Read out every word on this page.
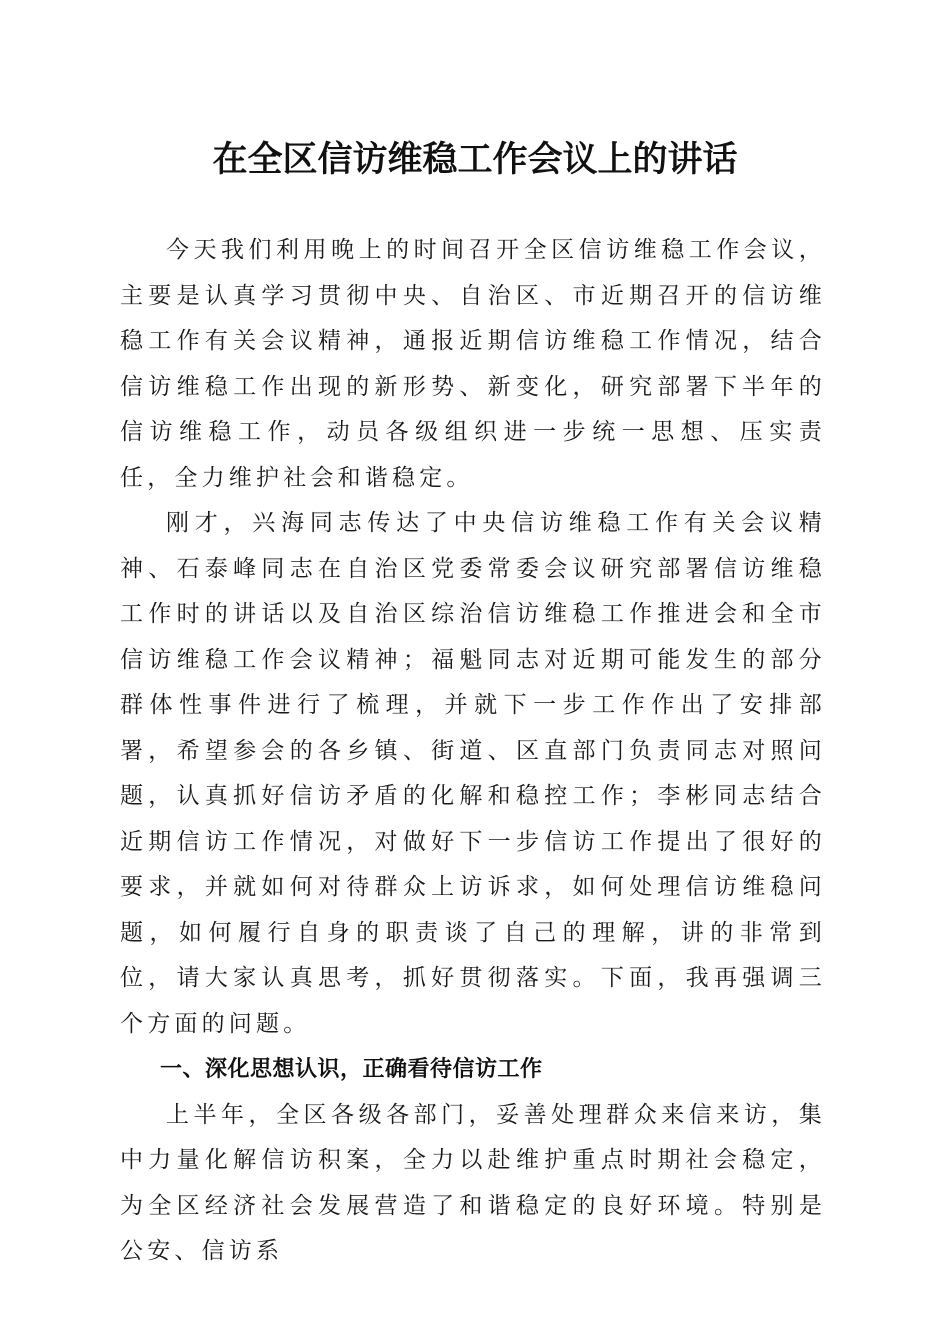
在全区信访维稳工作会议上的讲话

今天我们利用晚上的时间召开全区信访维稳工作会议，主要是认真学习贯彻中央、自治区、市近期召开的信访维稳工作有关会议精神，通报近期信访维稳工作情况，结合信访维稳工作出现的新形势、新变化，研究部署下半年的信访维稳工作，动员各级组织进一步统一思想、压实责任，全力维护社会和谐稳定。

刚才，兴海同志传达了中央信访维稳工作有关会议精神、石泰峰同志在自治区党委常委会议研究部署信访维稳工作时的讲话以及自治区综治信访维稳工作推进会和全市信访维稳工作会议精神；福魁同志对近期可能发生的部分群体性事件进行了梳理，并就下一步工作作出了安排部署，希望参会的各乡镇、街道、区直部门负责同志对照问题，认真抓好信访矛盾的化解和稳控工作；李彬同志结合近期信访工作情况，对做好下一步信访工作提出了很好的要求，并就如何对待群众上访诉求，如何处理信访维稳问题，如何履行自身的职责谈了自己的理解，讲的非常到位，请大家认真思考，抓好贯彻落实。下面，我再强调三个方面的问题。

一、深化思想认识，正确看待信访工作

上半年，全区各级各部门，妥善处理群众来信来访，集中力量化解信访积案，全力以赴维护重点时期社会稳定，为全区经济社会发展营造了和谐稳定的良好环境。特别是公安、信访系
